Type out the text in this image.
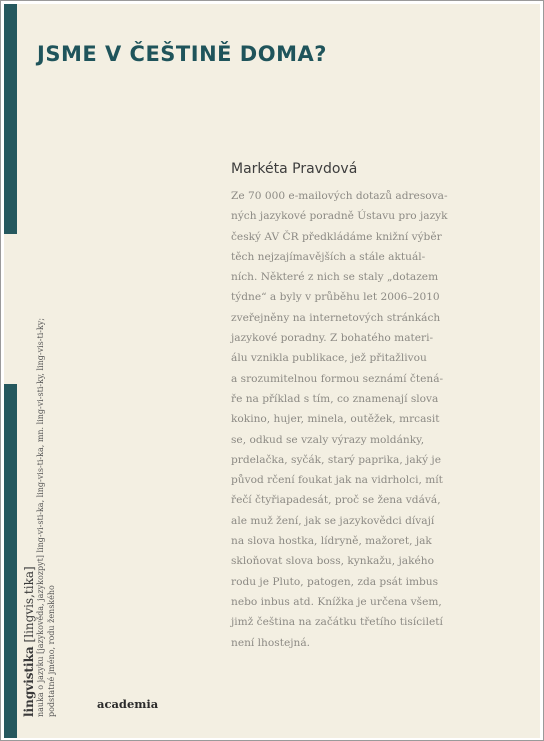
JSME V ČEŠTINĚ DOMA?
Markéta Pravdová
Ze 70 000 e-mailových dotazů adresova-
ných jazykové poradně Ústavu pro jazyk
český AV ČR předkládáme knižní výběr
těch nejzajímavějších a stále aktuál-
ních. Některé z nich se staly „dotazem
týdne“ a byly v průběhu let 2006–2010
zveřejněny na internetových stránkách
jazykové poradny. Z bohatého materi-
álu vznikla publikace, jež přitažlivou
a srozumitelnou formou seznámí čtená-
ře na příklad s tím, co znamenají slova
kokino, hujer, minela, outěžek, mrcasit
se, odkud se vzaly výrazy moldánky,
prdelačka, syčák, starý paprika, jaký je
původ rčení foukat jak na vidrholci, mít
řečí čtyřiapadesát, proč se žena vdává,
ale muž žení, jak se jazykovědci dívají
na slova hostka, lídryně, mažoret, jak
skloňovat slova boss, kynkažu, jakého
rodu je Pluto, patogen, zda psát imbus
nebo inbus atd. Knížka je určena všem,
jimž čeština na začátku třetího tisíciletí
není lhostejná.
lingvistika [lingvis,tika] nauka o jazyku [jazykověda, jazykozpyt] ling-vi-sti-ka, ling-vis-ti-ka, mn. ling-vi-sti-ky, ling-vis-ti-ky; podstatné jméno, rodu ženského	academia
